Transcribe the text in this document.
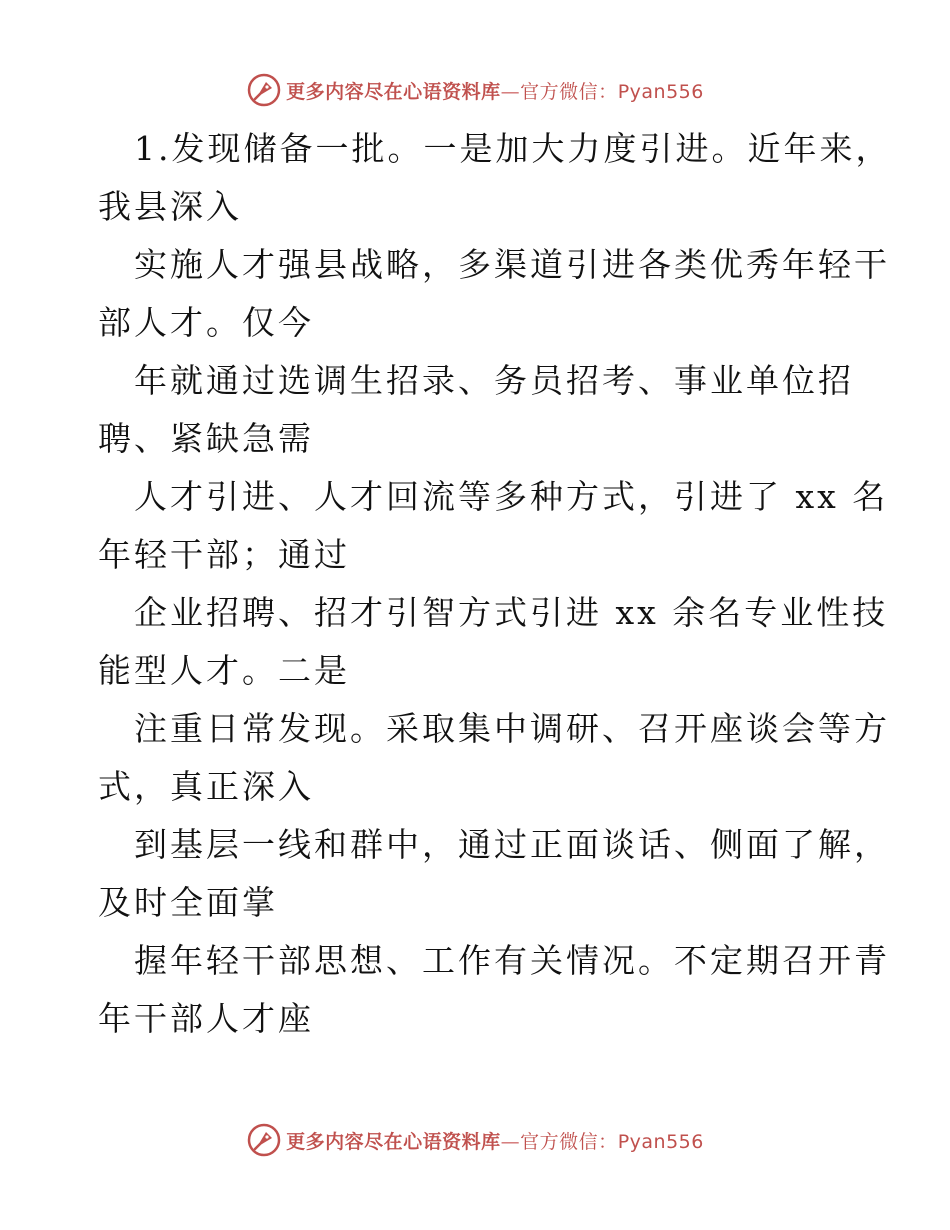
更多内容尽在心语资料库—官方微信：Pyan556
1.发现储备一批。一是加大力度引进。近年来，
我县深入
实施人才强县战略，多渠道引进各类优秀年轻干
部人才。仅今
年就通过选调生招录、务员招考、事业单位招
聘、紧缺急需
人才引进、人才回流等多种方式，引进了 xx 名
年轻干部；通过
企业招聘、招才引智方式引进 xx 余名专业性技
能型人才。二是
注重日常发现。采取集中调研、召开座谈会等方
式，真正深入
到基层一线和群中，通过正面谈话、侧面了解，
及时全面掌
握年轻干部思想、工作有关情况。不定期召开青
年干部人才座
更多内容尽在心语资料库—官方微信：Pyan556
